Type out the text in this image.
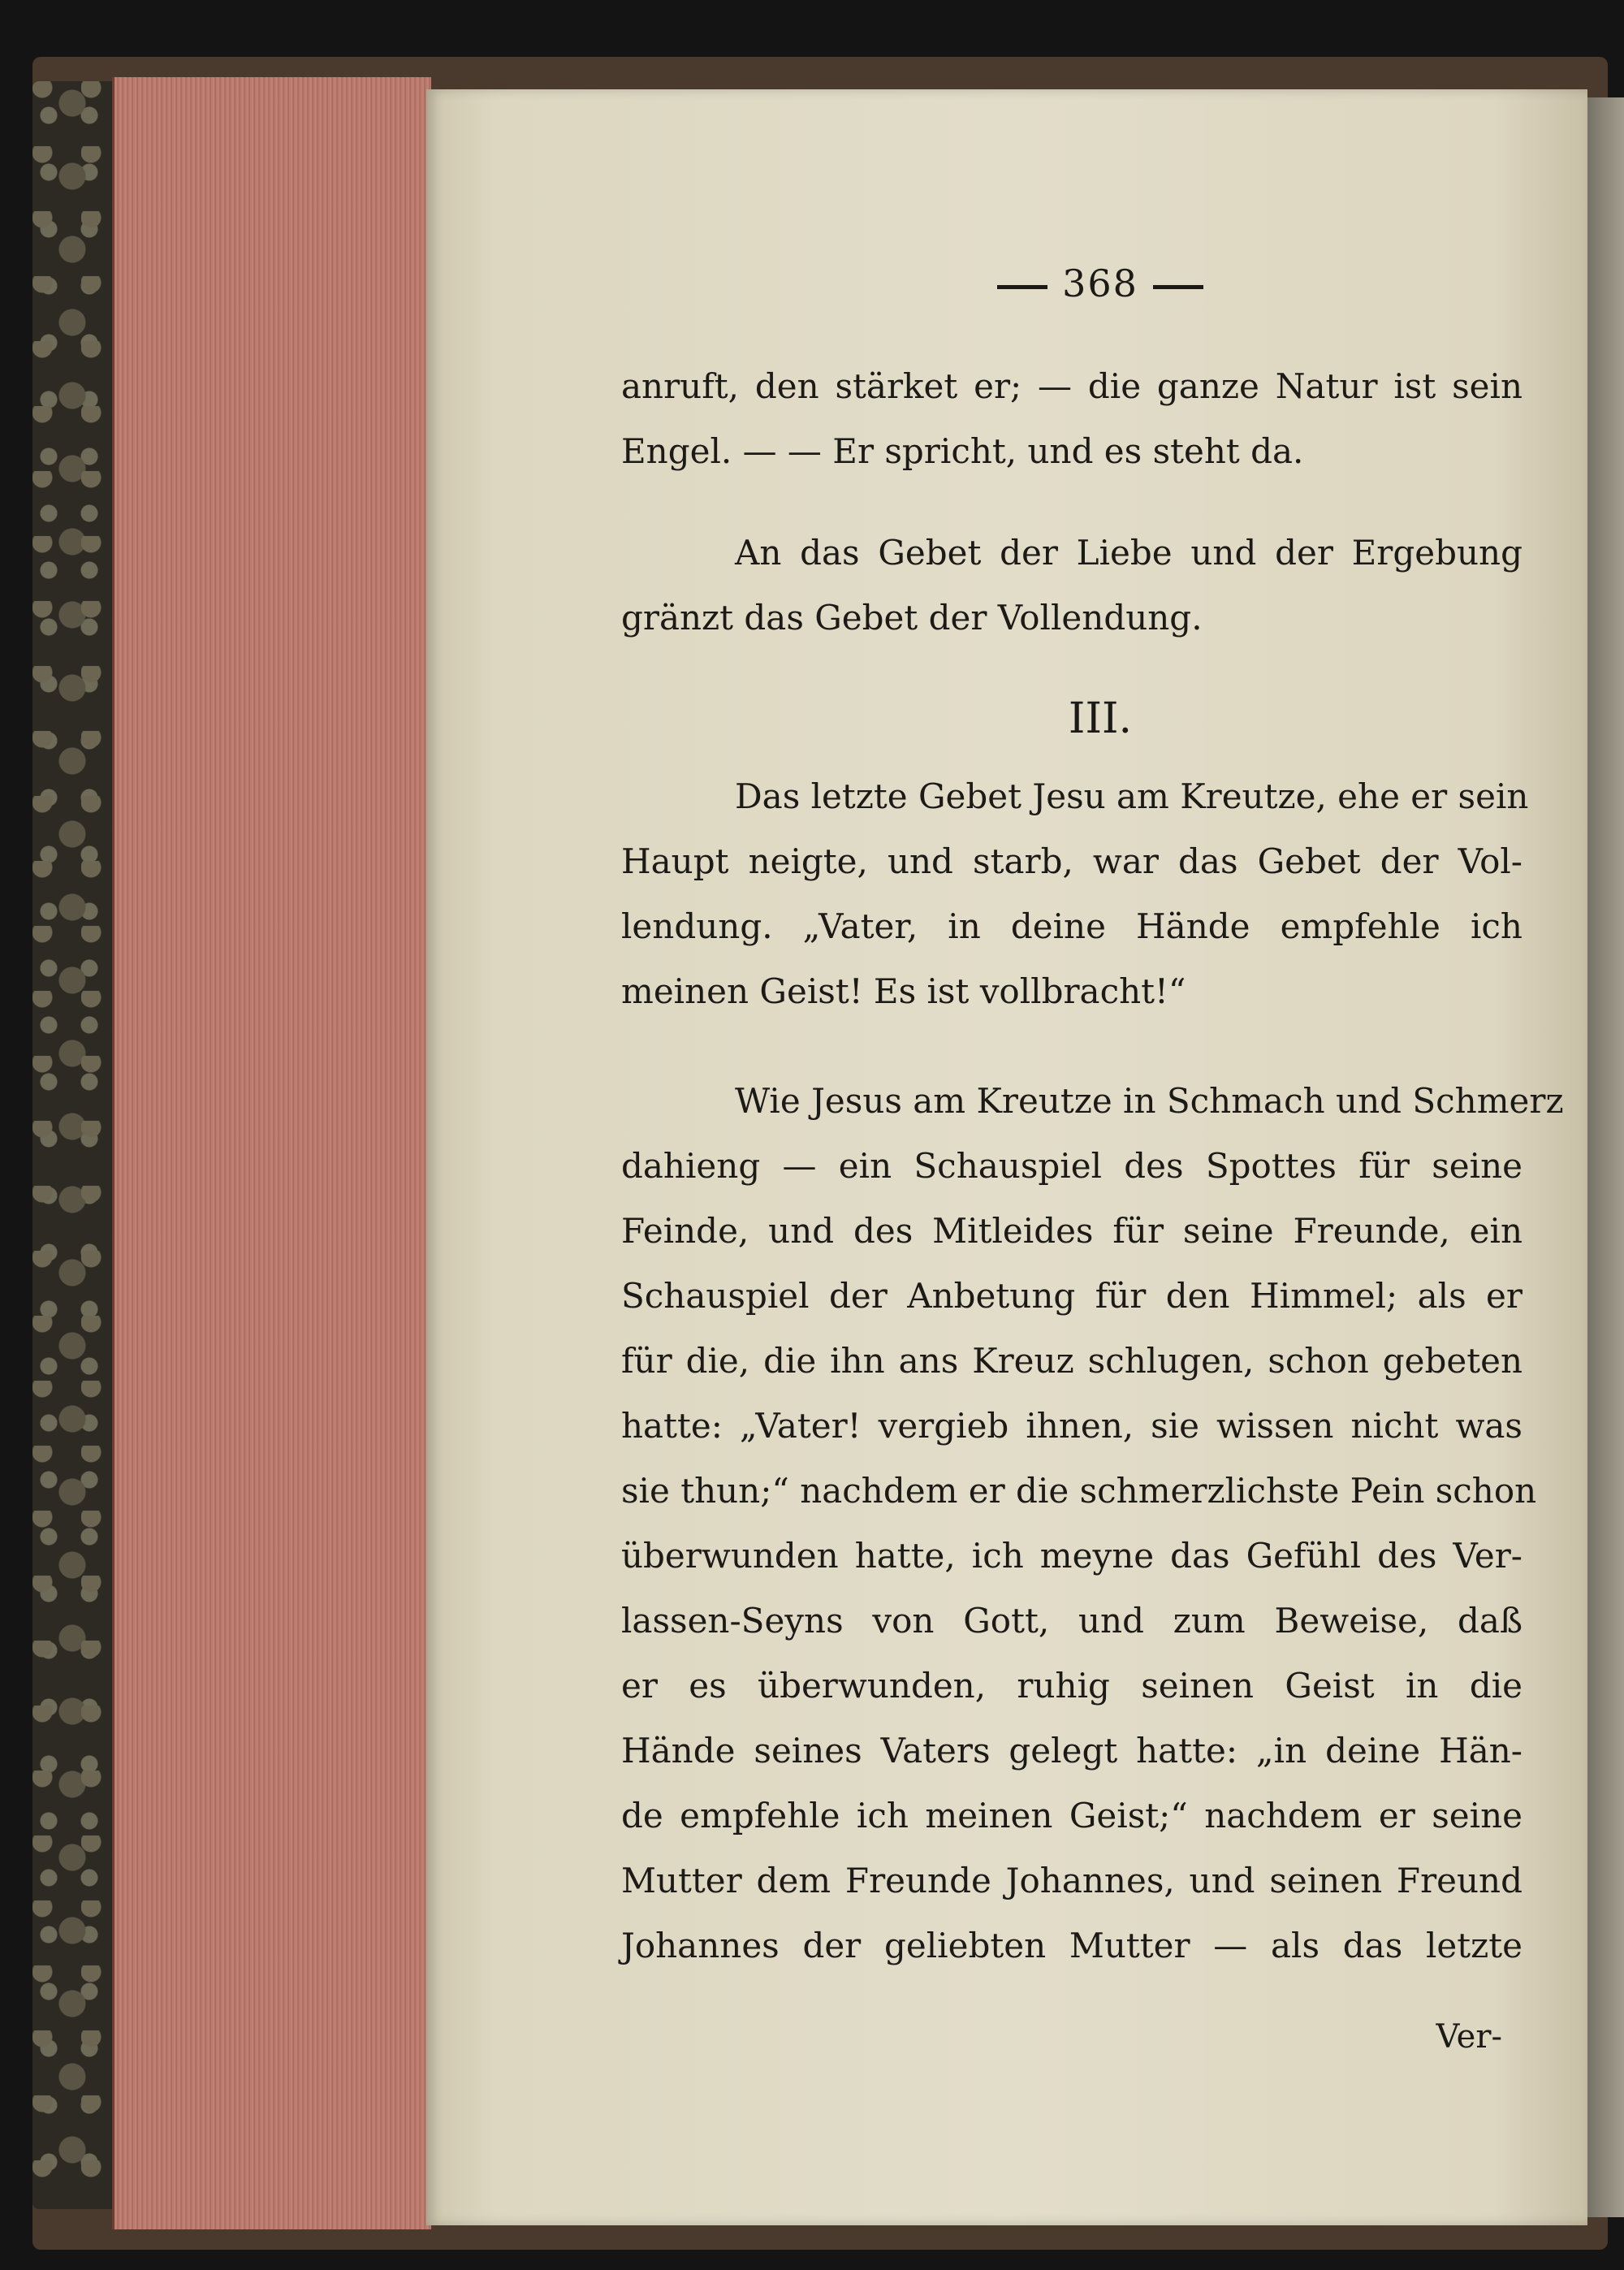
368
anruft, den stärket er; — die ganze Natur ist sein
Engel. — — Er spricht, und es steht da.
An das Gebet der Liebe und der Ergebung
gränzt das Gebet der Vollendung.
III.
Das letzte Gebet Jesu am Kreutze, ehe er sein
Haupt neigte, und starb, war das Gebet der Vol-
lendung. „Vater, in deine Hände empfehle ich
meinen Geist! Es ist vollbracht!“
Wie Jesus am Kreutze in Schmach und Schmerz
dahieng — ein Schauspiel des Spottes für seine
Feinde, und des Mitleides für seine Freunde, ein
Schauspiel der Anbetung für den Himmel; als er
für die, die ihn ans Kreuz schlugen, schon gebeten
hatte: „Vater! vergieb ihnen, sie wissen nicht was
sie thun;“ nachdem er die schmerzlichste Pein schon
überwunden hatte, ich meyne das Gefühl des Ver-
lassen-Seyns von Gott, und zum Beweise, daß
er es überwunden, ruhig seinen Geist in die
Hände seines Vaters gelegt hatte: „in deine Hän-
de empfehle ich meinen Geist;“ nachdem er seine
Mutter dem Freunde Johannes, und seinen Freund
Johannes der geliebten Mutter — als das letzte
Ver-
